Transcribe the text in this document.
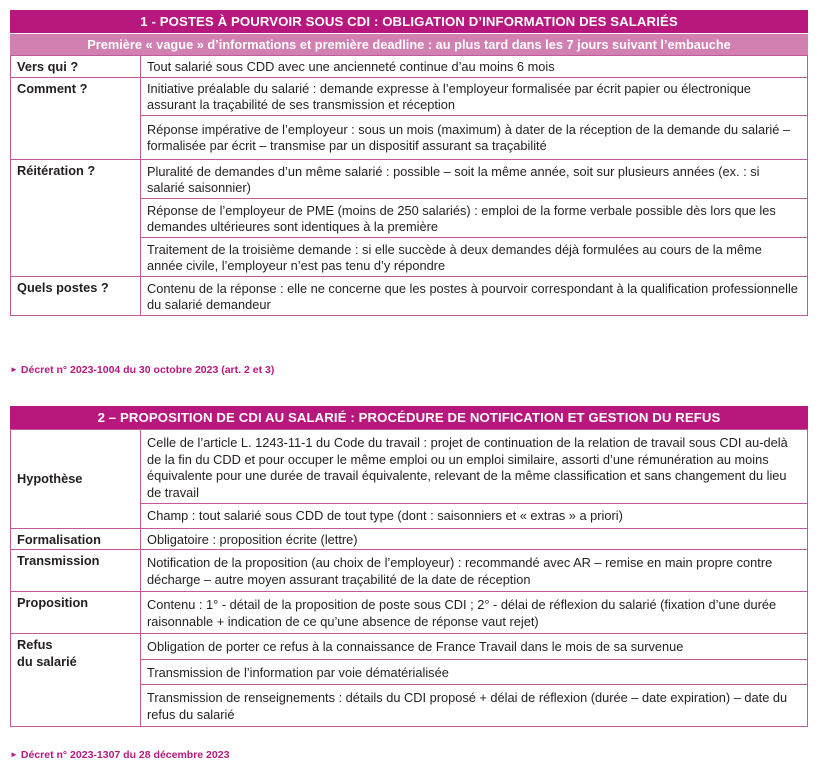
1 - POSTES À POURVOIR SOUS CDI : OBLIGATION D’INFORMATION DES SALARIÉS
Première « vague » d’informations et première deadline : au plus tard dans les 7 jours suivant l’embauche
Vers qui ?	Tout salarié sous CDD avec une ancienneté continue d’au moins 6 mois
Comment ?	Initiative préalable du salarié : demande expresse à l’employeur formalisée par écrit papier ou électronique assurant la traçabilité de ses transmission et réception
	Réponse impérative de l’employeur : sous un mois (maximum) à dater de la réception de la demande du salarié – formalisée par écrit – transmise par un dispositif assurant sa traçabilité
Réitération ?	Pluralité de demandes d’un même salarié : possible – soit la même année, soit sur plusieurs années (ex. : si salarié saisonnier)
	Réponse de l’employeur de PME (moins de 250 salariés) : emploi de la forme verbale possible dès lors que les demandes ultérieures sont identiques à la première
	Traitement de la troisième demande : si elle succède à deux demandes déjà formulées au cours de la même année civile, l’employeur n’est pas tenu d’y répondre
Quels postes ?	Contenu de la réponse : elle ne concerne que les postes à pourvoir correspondant à la qualification professionnelle du salarié demandeur
► Décret n° 2023-1004 du 30 octobre 2023 (art. 2 et 3)
2 – PROPOSITION DE CDI AU SALARIÉ : PROCÉDURE DE NOTIFICATION ET GESTION DU REFUS
Hypothèse	Celle de l’article L. 1243-11-1 du Code du travail : projet de continuation de la relation de travail sous CDI au-delà de la fin du CDD et pour occuper le même emploi ou un emploi similaire, assorti d’une rémunération au moins équivalente pour une durée de travail équivalente, relevant de la même classification et sans changement du lieu de travail
	Champ : tout salarié sous CDD de tout type (dont : saisonniers et « extras » a priori)
Formalisation	Obligatoire : proposition écrite (lettre)
Transmission	Notification de la proposition (au choix de l’employeur) : recommandé avec AR – remise en main propre contre décharge – autre moyen assurant traçabilité de la date de réception
Proposition	Contenu : 1° - détail de la proposition de poste sous CDI ; 2° - délai de réflexion du salarié (fixation d’une durée raisonnable + indication de ce qu’une absence de réponse vaut rejet)

Refus
du salarié	Obligation de porter ce refus à la connaissance de France Travail dans le mois de sa survenue
	Transmission de l’information par voie dématérialisée
	Transmission de renseignements : détails du CDI proposé + délai de réflexion (durée – date expiration) – date du refus du salarié
► Décret n° 2023-1307 du 28 décembre 2023
